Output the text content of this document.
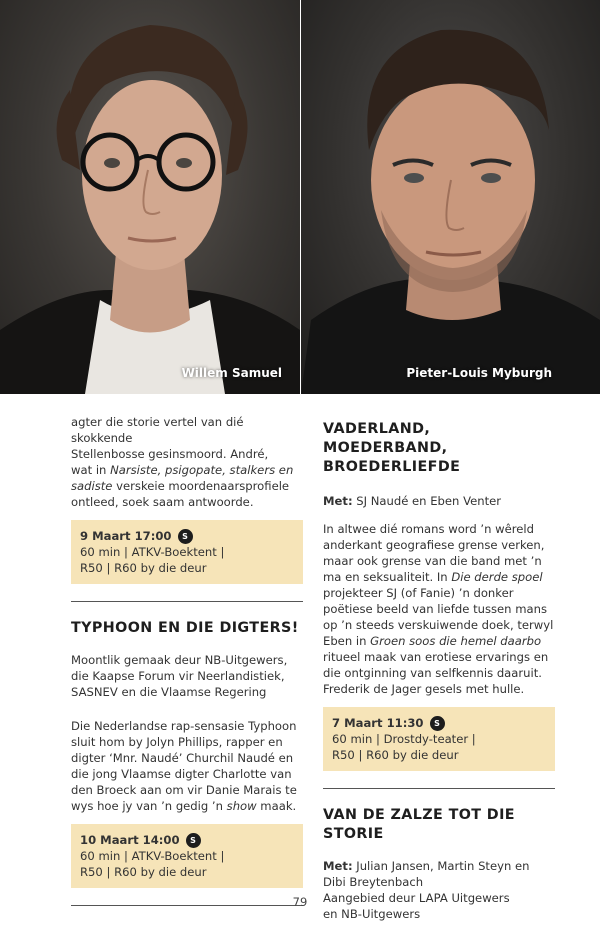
Willem Samuel	Pieter-Louis Myburgh

agter die storie vertel van dié skokkende
Stellenbosse gesinsmoord. André,
wat in Narsiste, psigopate, stalkers en sadiste verskeie moordenaarsprofiele ontleed, soek saam antwoorde.

9 Maart 17:00	S
60 min | ATKV-Boektent |
R50 | R60 by die deur
TYPHOON EN DIE DIGTERS!

Moontlik gemaak deur NB-Uitgewers, die Kaapse Forum vir Neerlandistiek, SASNEV en die Vlaamse Regering

Die Nederlandse rap-sensasie Typhoon sluit hom by Jolyn Phillips, rapper en digter ‘Mnr. Naudé’ Churchil Naudé en die jong Vlaamse digter Charlotte van den Broeck aan om vir Danie Marais te wys hoe jy van ’n gedig ’n show maak.

10 Maart 14:00	S
60 min | ATKV-Boektent |
R50 | R60 by die deur
VADERLAND, MOEDERBAND,
BROEDERLIEFDE

Met: SJ Naudé en Eben Venter

In altwee dié romans word ’n wêreld anderkant geografiese grense verken, maar ook grense van die band met ’n ma en seksualiteit. In Die derde spoel projekteer SJ (of Fanie) ’n donker poëtiese beeld van liefde tussen mans op ’n steeds verskuiwende doek, terwyl Eben in Groen soos die hemel daarbo ritueel maak van erotiese ervarings en die ontginning van selfkennis daaruit. Frederik de Jager gesels met hulle.

7 Maart 11:30	S
60 min | Drostdy-teater |
R50 | R60 by die deur
VAN DE ZALZE TOT DIE STORIE

Met: Julian Jansen, Martin Steyn en Dibi Breytenbach

Aangebied deur LAPA Uitgewers
en NB-Uitgewers

79
